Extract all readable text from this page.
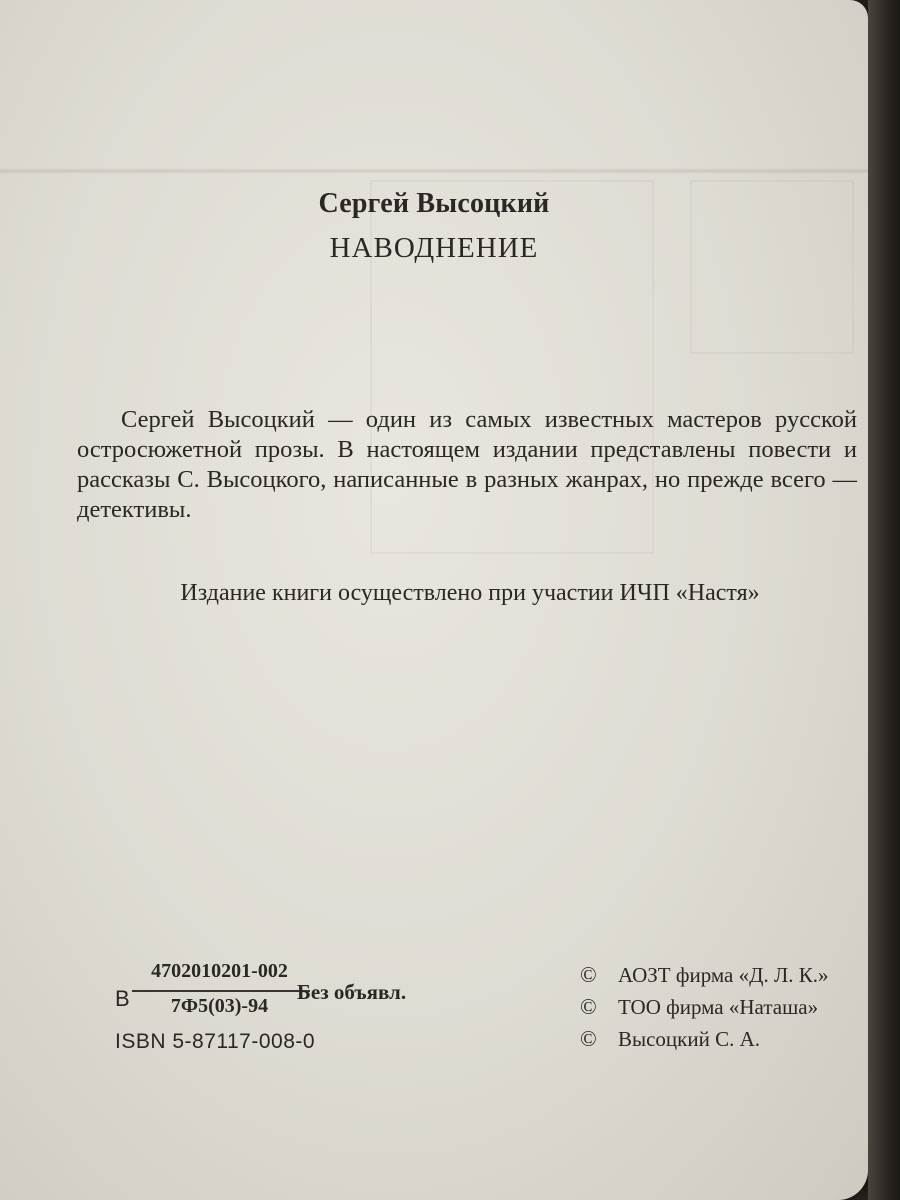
Сергей Высоцкий
НАВОДНЕНИЕ
Сергей Высоцкий — один из самых известных мастеров русской остросюжетной прозы. В настоящем издании представлены повести и рассказы С. Высоцкого, написанные в разных жанрах, но прежде всего — детективы.
Издание книги осуществлено при участии ИЧП «Настя»
В
4702010201-002
7Ф5(03)-94
Без объявл.
ISBN 5-87117-008-0
© АОЗТ фирма «Д. Л. К.»
© ТОО фирма «Наташа»
© Высоцкий С. А.
